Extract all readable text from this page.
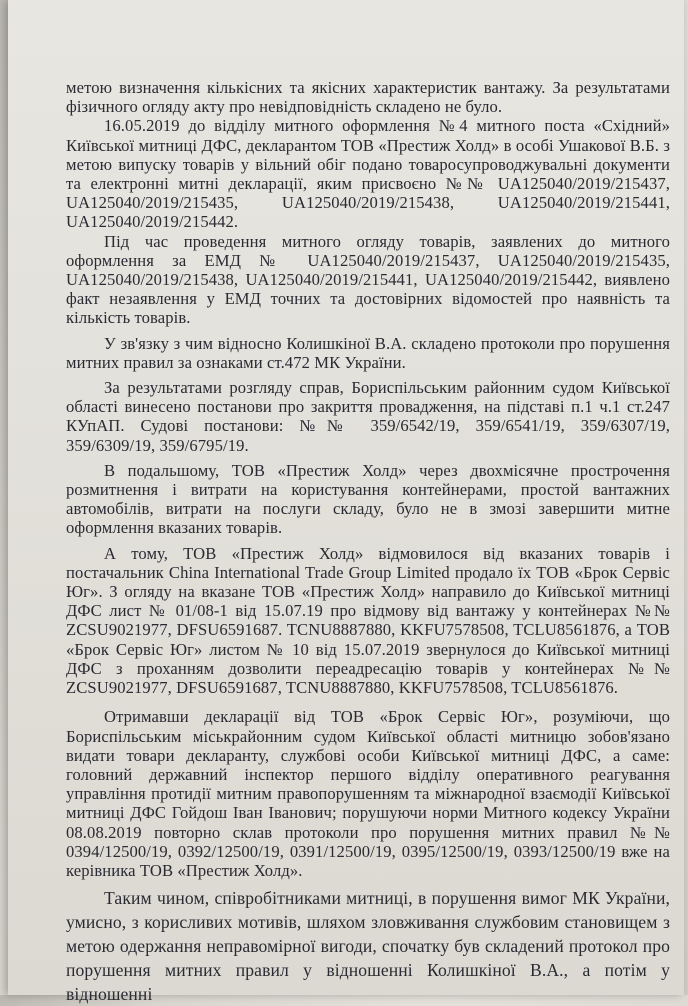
метою визначення кількісних та якісних характеристик вантажу. За результатами фізичного огляду акту про невідповідність складено не було.

16.05.2019 до відділу митного оформлення №4 митного поста «Східний» Київської митниці ДФС, декларантом ТОВ «Престиж Холд» в особі Ушакової В.Б. з метою випуску товарів у вільний обіг подано товаросупроводжувальні документи та електронні митні декларації, яким присвоєно №№ UA125040/2019/215437, UA125040/2019/215435, UA125040/2019/215438, UA125040/2019/215441, UA125040/2019/215442.

Під час проведення митного огляду товарів, заявлених до митного оформлення за ЕМД № UA125040/2019/215437, UA125040/2019/215435, UA125040/2019/215438, UA125040/2019/215441, UA125040/2019/215442, виявлено факт незаявлення у ЕМД точних та достовірних відомостей про наявність та кількість товарів.

У зв'язку з чим відносно Колишкіної В.А. складено протоколи про порушення митних правил за ознаками ст.472 МК України.

За результатами розгляду справ, Бориспільським районним судом Київської області винесено постанови про закриття провадження, на підставі п.1 ч.1 ст.247 КУпАП. Судові постанови: №№ 359/6542/19, 359/6541/19, 359/6307/19, 359/6309/19, 359/6795/19.

В подальшому, ТОВ «Престиж Холд» через двохмісячне прострочення розмитнення і витрати на користування контейнерами, простой вантажних автомобілів, витрати на послуги складу, було не в змозі завершити митне оформлення вказаних товарів.

А тому, ТОВ «Престиж Холд» відмовилося від вказаних товарів і постачальник China International Trade Group Limited продало їх ТОВ «Брок Сервіс Юг». З огляду на вказане ТОВ «Престиж Холд» направило до Київської митниці ДФС лист № 01/08-1 від 15.07.19 про відмову від вантажу у контейнерах №№ ZCSU9021977, DFSU6591687. TCNU8887880, KKFU7578508, TCLU8561876, а ТОВ «Брок Сервіс Юг» листом № 10 від 15.07.2019 звернулося до Київської митниці ДФС з проханням дозволити переадресацію товарів у контейнерах №№ ZCSU9021977, DFSU6591687, TCNU8887880, KKFU7578508, TCLU8561876.

Отримавши декларації від ТОВ «Брок Сервіс Юг», розуміючи, що Бориспільським міськрайонним судом Київської області митницю зобов'язано видати товари декларанту, службові особи Київської митниці ДФС, а саме: головний державний інспектор першого відділу оперативного реагування управління протидії митним правопорушенням та міжнародної взаємодії Київської митниці ДФС Гойдош Іван Іванович; порушуючи норми Митного кодексу України 08.08.2019 повторно склав протоколи про порушення митних правил №№ 0394/12500/19, 0392/12500/19, 0391/12500/19, 0395/12500/19, 0393/12500/19 вже на керівника ТОВ «Престиж Холд».

Таким чином, співробітниками митниці, в порушення вимог МК України, умисно, з корисливих мотивів, шляхом зловживання службовим становищем з метою одержання неправомірної вигоди, спочатку був складений протокол про порушення митних правил у відношенні Колишкіної В.А., а потім у відношенні
